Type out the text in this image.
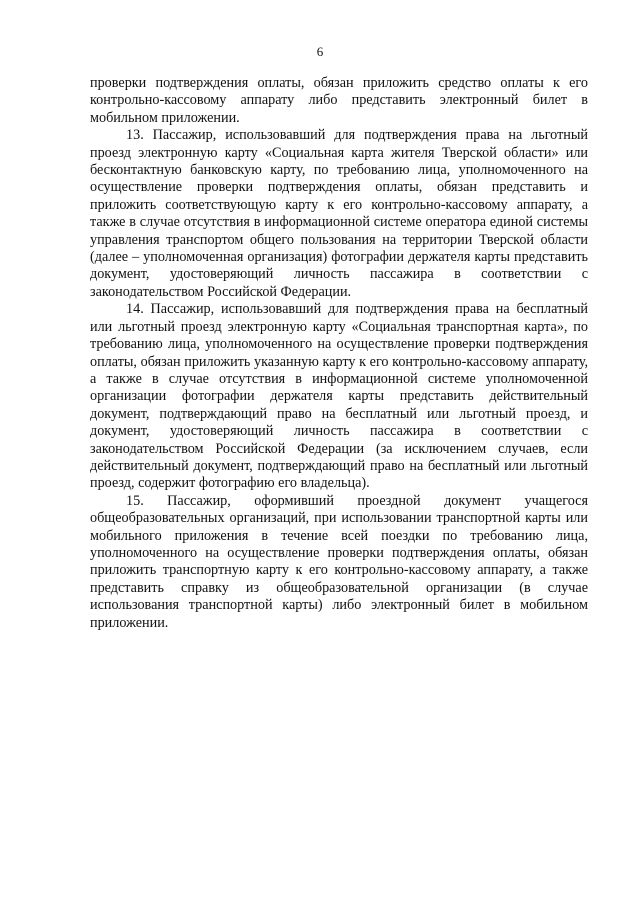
6

проверки подтверждения оплаты, обязан приложить средство оплаты к его контрольно-кассовому аппарату либо представить электронный билет в мобильном приложении.

13. Пассажир, использовавший для подтверждения права на льготный проезд электронную карту «Социальная карта жителя Тверской области» или бесконтактную банковскую карту, по требованию лица, уполномоченного на осуществление проверки подтверждения оплаты, обязан представить и приложить соответствующую карту к его контрольно-кассовому аппарату, а также в случае отсутствия в информационной системе оператора единой системы управления транспортом общего пользования на территории Тверской области (далее – уполномоченная организация) фотографии держателя карты представить документ, удостоверяющий личность пассажира в соответствии с законодательством Российской Федерации.

14. Пассажир, использовавший для подтверждения права на бесплатный или льготный проезд электронную карту «Социальная транспортная карта», по требованию лица, уполномоченного на осуществление проверки подтверждения оплаты, обязан приложить указанную карту к его контрольно-кассовому аппарату, а также в случае отсутствия в информационной системе уполномоченной организации фотографии держателя карты представить действительный документ, подтверждающий право на бесплатный или льготный проезд, и документ, удостоверяющий личность пассажира в соответствии с законодательством Российской Федерации (за исключением случаев, если действительный документ, подтверждающий право на бесплатный или льготный проезд, содержит фотографию его владельца).

15. Пассажир, оформивший проездной документ учащегося общеобразовательных организаций, при использовании транспортной карты или мобильного приложения в течение всей поездки по требованию лица, уполномоченного на осуществление проверки подтверждения оплаты, обязан приложить транспортную карту к его контрольно-кассовому аппарату, а также представить справку из общеобразовательной организации (в случае использования транспортной карты) либо электронный билет в мобильном приложении.
